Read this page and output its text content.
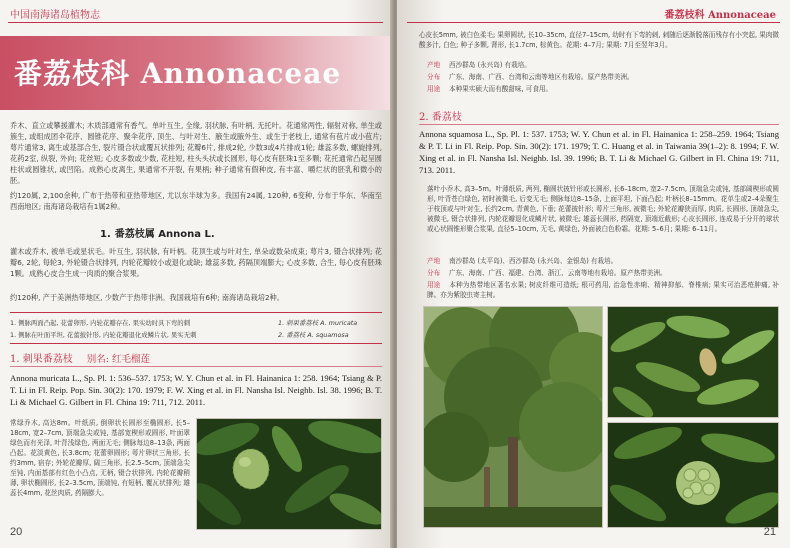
中国南海诸岛植物志
番荔枝科 Annonaceae
乔木、直立或攀援灌木; 木质部通常有香气。单叶互生, 全缘, 羽状脉, 有叶柄, 无托叶。花通常两性, 辐射对称, 单生或簇生, 或组成团伞花序、圆锥花序、聚伞花序, 顶生、与叶对生、腋生或腋外生、或生于老枝上, 通常有苞片或小苞片; 萼片通常3, 离生或基部合生, 裂片镊合状或覆瓦状排列; 花瓣6片, 排成2轮, 少数3或4片排成1轮; 雄蕊多数, 螺旋排列, 花药2室, 纵裂, 外向; 花丝短; 心皮多数或少数, 花柱短, 柱头头状或长圆形, 每心皮有胚珠1至多颗; 花托通常凸起呈圆柱状或圆锥状, 或凹陷。成熟心皮离生, 果通常不开裂, 有果柄; 种子通常有假种皮, 有丰富、嚼烂状的胚乳和微小的胚。
约120属, 2,100余种, 广布于热带和亚热带地区, 尤以东半球为多。我国有24属, 120种, 6变种, 分布于华东、华南至西南地区; 南海诸岛栽培有1属2种。
1. 番荔枝属 Annona L.
灌木或乔木, 被单毛或星状毛。叶互生, 羽状脉, 有叶柄。花顶生或与叶对生, 单朵或数朵成束; 萼片3, 镊合状排列; 花瓣6, 2轮, 每轮3, 外轮镊合状排列, 内轮花瓣较小或退化或缺; 雄蕊多数, 药隔顶端膨大; 心皮多数, 合生, 每心皮有胚珠1颗。成熟心皮合生成一肉质的聚合浆果。
约120种, 产于美洲热带地区, 少数产于热带非洲。我国栽培有6种; 南海诸岛栽培2种。
1. 侧脉两面凸起, 花蕾卵形, 内轮花瓣存在, 果实幼时具下弯的刺	1. 刺果番荔枝 A. muricata
1. 侧脉在叶面平坦, 花蕾披针形, 内轮花瓣退化成鳞片状, 果实无刺	2. 番荔枝 A. squamosa
1. 刺果番荔枝 别名: 红毛榴莲
Annona muricata L., Sp. Pl. 1: 536–537. 1753; W. Y. Chun et al. in Fl. Hainanica 1: 258. 1964; Tsiang & P. T. Li in Fl. Reip. Pop. Sin. 30(2): 170. 1979; F. W. Xing et al. in Fl. Nansha Isl. Neighb. Isl. 38. 1996; B. T. Li & Michael G. Gilbert in Fl. China 19: 711, 712. 2011.
常绿乔木, 高达8m。叶纸质, 倒卵状长圆形至椭圆形, 长5–18cm, 宽2–7cm, 顶端急尖或钝, 基部宽楔形或圆形, 叶面翠绿色而有光泽, 叶背浅绿色, 两面无毛; 侧脉每边8–13条, 两面凸起。花淡黄色, 长3.8cm; 花蕾卵圆形; 萼片卵状三角形, 长约3mm, 宿存; 外轮花瓣厚, 阔三角形, 长2.5–5cm, 顶端急尖至钝, 内面基部有红色小凸点, 无柄, 镊合状排列, 内轮花瓣稍薄, 卵状椭圆形, 长2–3.5cm, 顶端钝, 有短柄, 覆瓦状排列; 雄蕊长4mm, 花丝肉质, 药隔膨大。
20
番荔枝科 Annonaceae
心皮长5mm, 被白色柔毛; 果卵圆状, 长10–35cm, 直径7–15cm, 幼时有下弯的刺, 刺随后逐渐脱落而残存有小突起, 果肉微酸多汁, 白色; 种子多颗, 肾形, 长1.7cm, 棕黄色。花期: 4–7月; 果期: 7月至翌年3月。
产地 西沙群岛 (永兴岛) 有栽培。
分布 广东、海南、广西、台湾和云南等地区有栽培。原产热带美洲。
用途 本种果实硕大而有酸甜味, 可食用。
2. 番荔枝
Annona squamosa L., Sp. Pl. 1: 537. 1753; W. Y. Chun et al. in Fl. Hainanica 1: 258–259. 1964; Tsiang & P. T. Li in Fl. Reip. Pop. Sin. 30(2): 171. 1979; T. C. Huang et al. in Taiwania 39(1–2): 8. 1994; F. W. Xing et al. in Fl. Nansha Isl. Neighb. Isl. 39. 1996; B. T. Li & Michael G. Gilbert in Fl. China 19: 711, 713. 2011.
落叶小乔木, 高3–5m。叶薄纸质, 两列, 椭圆状披针形或长圆形, 长6–18cm, 宽2–7.5cm, 顶端急尖或钝, 基部阔楔形或圆形, 叶背苍白绿色, 初时被微毛, 后变无毛; 侧脉每边8–15条, 上面平坦, 下面凸起; 叶柄长8–15mm。花单生或2–4朵聚生于枝顶或与叶对生, 长约2cm, 青黄色, 下垂; 花蕾披针形; 萼片三角形, 被微毛; 外轮花瓣狭而厚, 肉质, 长圆形, 顶端急尖, 被微毛, 镊合状排列, 内轮花瓣退化成鳞片状, 被微毛; 雄蕊长圆形, 药隔宽, 顶端近截形; 心皮长圆形, 连成易于分开的球状或心状圆锥形聚合浆果, 直径5–10cm, 无毛, 黄绿色, 外面被白色粉霜。花期: 5–6月; 果期: 6–11月。
产地 南沙群岛 (太平岛)、西沙群岛 (永兴岛、金银岛) 有栽培。
分布 广东、海南、广西、福建、台湾、浙江、云南等地有栽培。原产热带美洲。
用途 本种为热带地区著名水果; 树皮纤维可造纸; 根可药用, 治急性赤痢、精神抑郁、脊椎病; 果实可治恶疮肿痛, 补脾。亦为紫胶虫寄主树。
21
